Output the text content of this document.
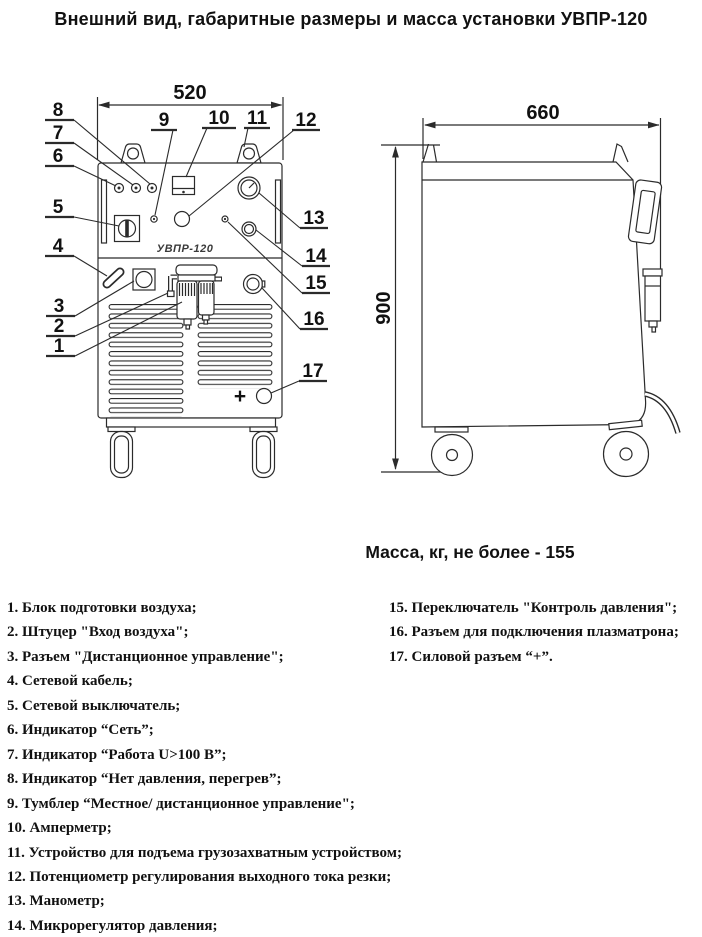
Внешний вид, габаритные размеры и масса установки УВПР-120
520
УВПР-120
+
8
7
6
5
4
3
2
1
9 10 11 12
13
14
15
16
17
660
900
Масса, кг, не более - 155
1. Блок подготовки воздуха;
2. Штуцер "Вход воздуха";
3. Разъем "Дистанционное управление";
4. Сетевой кабель;
5. Сетевой выключатель;
6. Индикатор “Сеть”;
7. Индикатор “Работа U>100 В”;
8. Индикатор “Нет давления, перегрев”;
9. Тумблер “Местное/ дистанционное управление";
10. Амперметр;
11. Устройство для подъема грузозахватным устройством;
12. Потенциометр регулирования выходного тока резки;
13. Манометр;
14. Микрорегулятор давления;
15. Переключатель "Контроль давления";
16. Разъем для подключения плазматрона;
17. Силовой разъем “+”.
